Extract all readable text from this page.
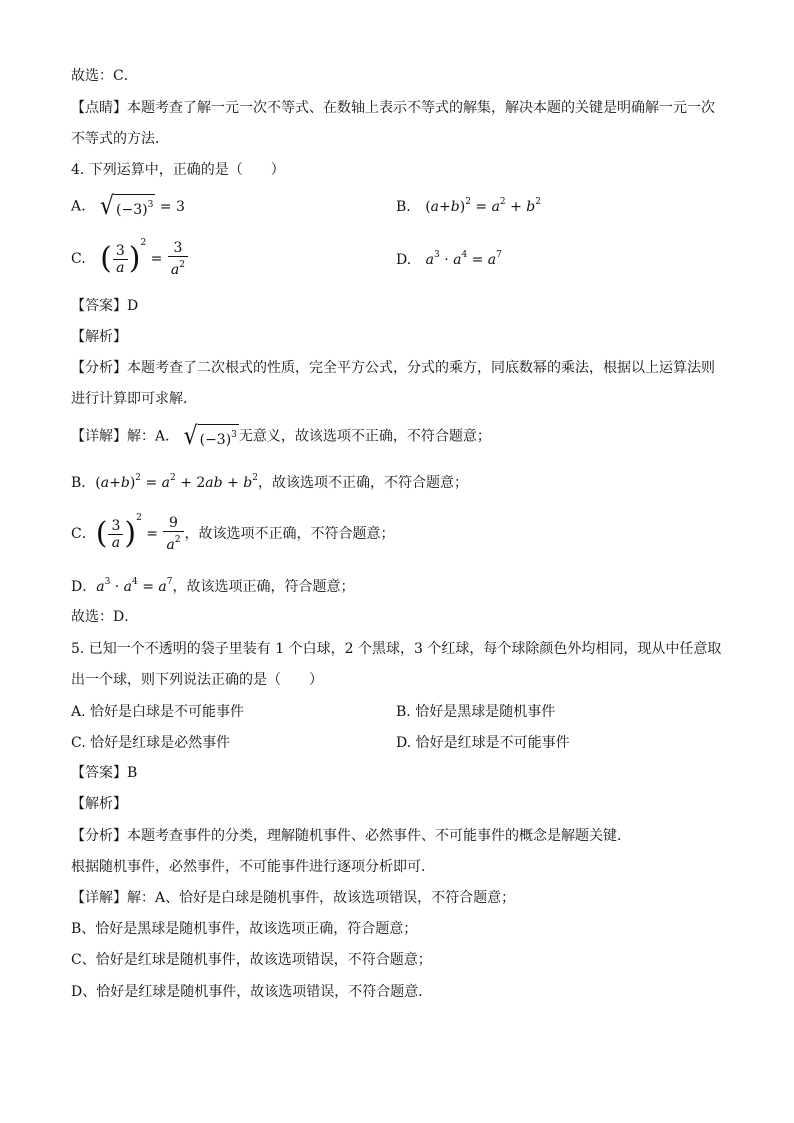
故选：C．
【点睛】本题考查了解一元一次不等式、在数轴上表示不等式的解集，解决本题的关键是明确解一元一次
不等式的方法．
4. 下列运算中，正确的是（　　）
A. √ $(-3)^3 = 3$	B. $(a+b)^2 = a^2 + b^2$
C. ( $\frac{3}{a} )^2 = \frac{3}{a^2}$	D. $a^3 \cdot a^4 = a^7$
【答案】D
【解析】
【分析】本题考查了二次根式的性质，完全平方公式，分式的乘方，同底数幂的乘法，根据以上运算法则
进行计算即可求解．
【详解】解：A． √ $(-3)^3$ 无意义，故该选项不正确，不符合题意；
B．$(a+b)^2 = a^2 + 2ab + b^2$，故该选项不正确，不符合题意；
C．( $\frac{3}{a} )^2 = \frac{9}{a^2}$ ，故该选项不正确，不符合题意；
D．$a^3 \cdot a^4 = a^7$，故该选项正确，符合题意；
故选：D．
5. 已知一个不透明的袋子里装有 1 个白球，2 个黑球，3 个红球，每个球除颜色外均相同，现从中任意取
出一个球，则下列说法正确的是（　　）
A. 恰好是白球是不可能事件	B. 恰好是黑球是随机事件
C. 恰好是红球是必然事件	D. 恰好是红球是不可能事件
【答案】B
【解析】
【分析】本题考查事件的分类，理解随机事件、必然事件、不可能事件的概念是解题关键．
根据随机事件，必然事件，不可能事件进行逐项分析即可．
【详解】解：A、恰好是白球是随机事件，故该选项错误，不符合题意；
B、恰好是黑球是随机事件，故该选项正确，符合题意；
C、恰好是红球是随机事件，故该选项错误，不符合题意；
D、恰好是红球是随机事件，故该选项错误，不符合题意．
